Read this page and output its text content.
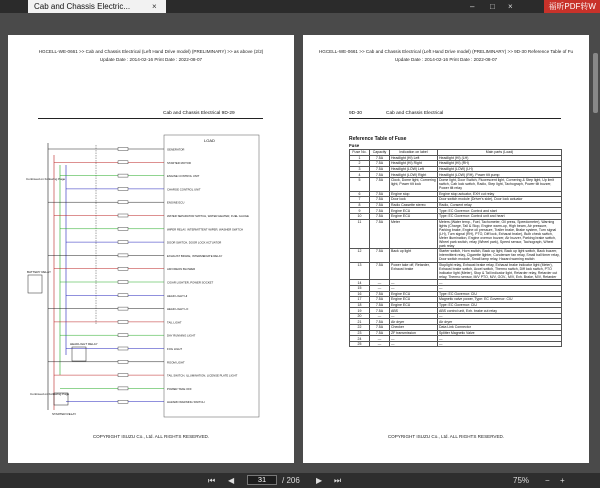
Cab and Chassis Electric...	×	– □ ×	福昕PDF转W
HGCELL-WE-0661 >> Cab and Chassis Electrical (Left Hand Drive model) (PRELIMINARY) >> as above (2/2)
Update Date : 2014-02-16 Print Date : 2022-08-07
Cab and Chassis Electrical 9D-29
LOAD
BATTERY RELAY
HEADLIGHT RELAY
STARTER RELAY
Continued on Following Page
Continued on Following Page
GENERATOR
STARTER MOTOR
ENGINE CONTROL UNIT
CHARGE CONTROL UNIT
ENGINE ECU
WATER SEPARATOR SWITCH, WATER HEATER, FUEL GAUGE
WIPER RELAY, INTERMITTENT WIPER, WASHER SWITCH
DOOR SWITCH, DOOR LOCK ACTUATOR
EXHAUST BRAKE, INTERMEDIATE RELAY
AIR FREON BLOWER
CIGAR LIGHTER, POWER SOCKET
HEAD LIGHT HI
HEAD LIGHT LO
TAIL LIGHT
DAY RUNNING LIGHT
FOG LIGHT
ROOM LIGHT
TAIL SWITCH, ILLUMINATION, LICENSE PLATE LIGHT
POWER TAKE OFF
HAZARD WARNING SWITCH
COPYRIGHT ISUZU Co., Ltd. ALL RIGHTS RESERVED.
HGCELL-WE-0661 >> Cab and Chassis Electrical (Left Hand Drive model) (PRELIMINARY) >> 9D-30 Reference Table of Fu
Update Date : 2014-02-16 Print Date : 2022-08-07
9D-30	Cab and Chassis Electrical
Reference Table of Fuse
Fuse
Fuse No.	Capacity	Indication on label	Main parts (Load)
1	7.5A	Headlight (HI) Left	Headlight (HI) (LH)
2	7.5A	Headlight (HI) Right	Headlight (HI) (RH)
3	7.5A	Headlight (LOW) Left	Headlight (LOW) (LH)
4	7.5A	Headlight (LOW) Right	Headlight (LOW) (RH), Power tilt pump
5	7.5A	Clock, Dome light, Cornering light, Power tilt lock	Dome light, Door Switch, Fluorescent light, Cornering & Step light, Up limit switch, Cab lock switch, Radio, Step light, Tachograph, Power tilt buzzer, Power tilt relay
6	7.5A	Engine stop	Engine stop actuator, EXH cut relay
7	7.5A	Door lock	Door switch module (Driver's side), Door lock actuator
8	7.5A	Radio Cassette stereo	Radio, Consent relay
9	7.5A	Engine ECU	Type: EC Governor: Control and start
10	7.5A	Engine ECU	Type: EC Governor: Control unit and heart
11	7.5A	Meter	Meters (Water temp., Fuel, Tachometer, Oil press, Speedometer), Warning lights (Charge, Tail & Stop, Engine warm-up, High beam, Air pressure, Parking brake, Engine oil pressure, Trailer brake, Brake system, Turn signal (LH), Turn signal (RH), PTO, Diff lock, Exhaust brake), Bulb check switch, Meter illumination, Engine overrun buzzer, Air buzzer, Parking brake switch, Wheel park switch, relay (Wheel park), Speed sensor, Tachograph, Wheel park relay
12	7.5A	Back up light	Starter switch, Horn switch, Back up light, Back up light switch, Back buzzer, Intermittent relay, Cigarette lighter, Condenser fan relay, Small ball timer relay, Door switch module, Small lamp relay, Hazard warning switch
13	7.5A	Power take off, Retarder, Exhaust brake	Stoplight relay, Exhaust brake relay, Exhaust brake indicator light (Meter), Exhaust brake switch, Accel switch, Thermo switch, Diff lock switch, PTO indicator light (Meter), Stop & Tail indicator light, Retarder relay, Retarder cut relay, Thermo sensor, M/V PTO, M/V, GOV., M/V, Exh. Brake, M/V, Retarder
14	—	—	—
15	—	—	—
16	7.5A	Engine ECU	Type: EC Governor: CIU
17	7.5A	Engine ECU	Magnetic valve power, Type: EC Governor: CIU
18	7.5A	Engine ECU	Type: EC Governor: CIU
19	7.5A	ABS	ABS control unit, Exh. brake cut relay
20	—	—	—
21	7.5A	Air dryer	Air dryer
22	7.5A	Checker	Data Link Connector
23	7.5A	ZF transmission	Splitter Magnetic Valve
24	—	—	—
25	—	—	—
COPYRIGHT ISUZU Co., Ltd. ALL RIGHTS RESERVED.
⏮ ◀
31	/ 206 ▶ ⏭	75% − +
